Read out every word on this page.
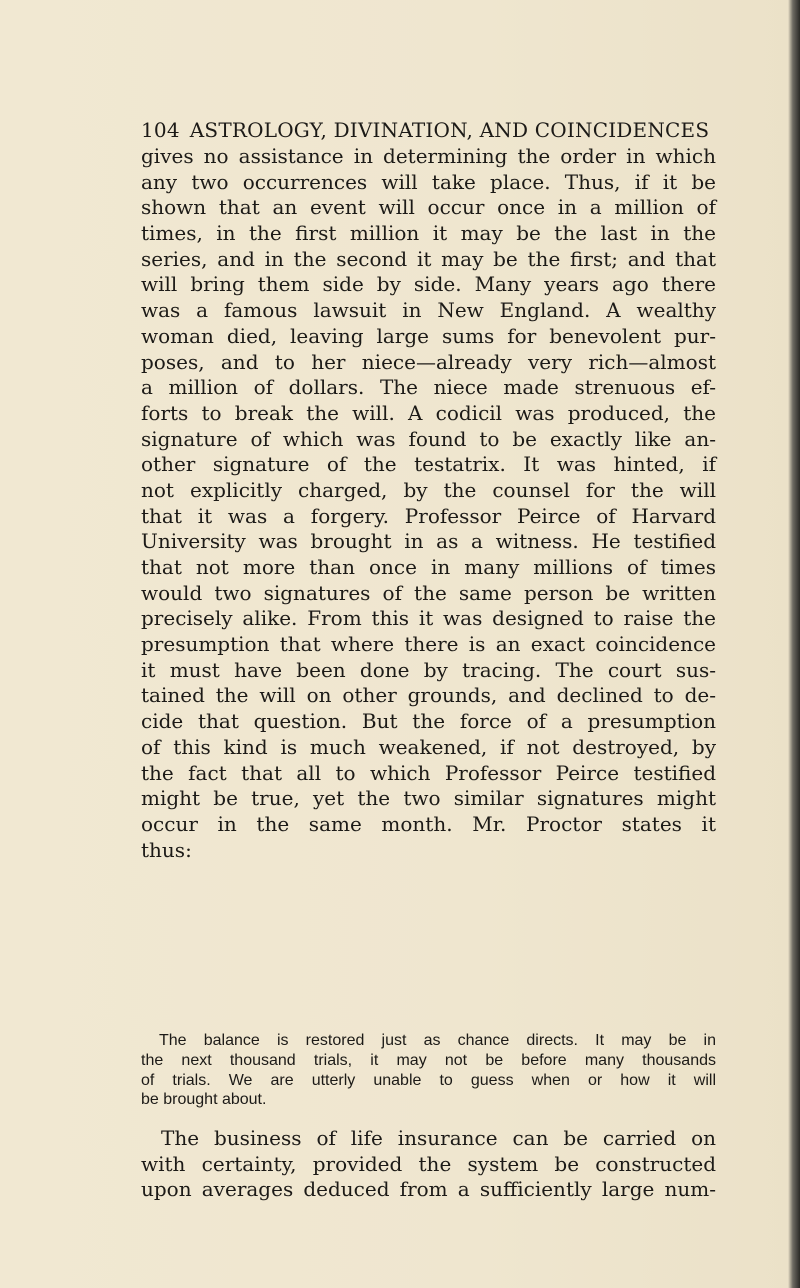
104 ASTROLOGY, DIVINATION, AND COINCIDENCES
gives no assistance in determining the order in which
any two occurrences will take place. Thus, if it be
shown that an event will occur once in a million of
times, in the first million it may be the last in the
series, and in the second it may be the first; and that
will bring them side by side. Many years ago there
was a famous lawsuit in New England. A wealthy
woman died, leaving large sums for benevolent pur-
poses, and to her niece—already very rich—almost
a million of dollars. The niece made strenuous ef-
forts to break the will. A codicil was produced, the
signature of which was found to be exactly like an-
other signature of the testatrix. It was hinted, if
not explicitly charged, by the counsel for the will
that it was a forgery. Professor Peirce of Harvard
University was brought in as a witness. He testified
that not more than once in many millions of times
would two signatures of the same person be written
precisely alike. From this it was designed to raise the
presumption that where there is an exact coincidence
it must have been done by tracing. The court sus-
tained the will on other grounds, and declined to de-
cide that question. But the force of a presumption
of this kind is much weakened, if not destroyed, by
the fact that all to which Professor Peirce testified
might be true, yet the two similar signatures might
occur in the same month. Mr. Proctor states it
thus:
The balance is restored just as chance directs. It may be in
the next thousand trials, it may not be before many thousands
of trials. We are utterly unable to guess when or how it will
be brought about.
The business of life insurance can be carried on
with certainty, provided the system be constructed
upon averages deduced from a sufficiently large num-
